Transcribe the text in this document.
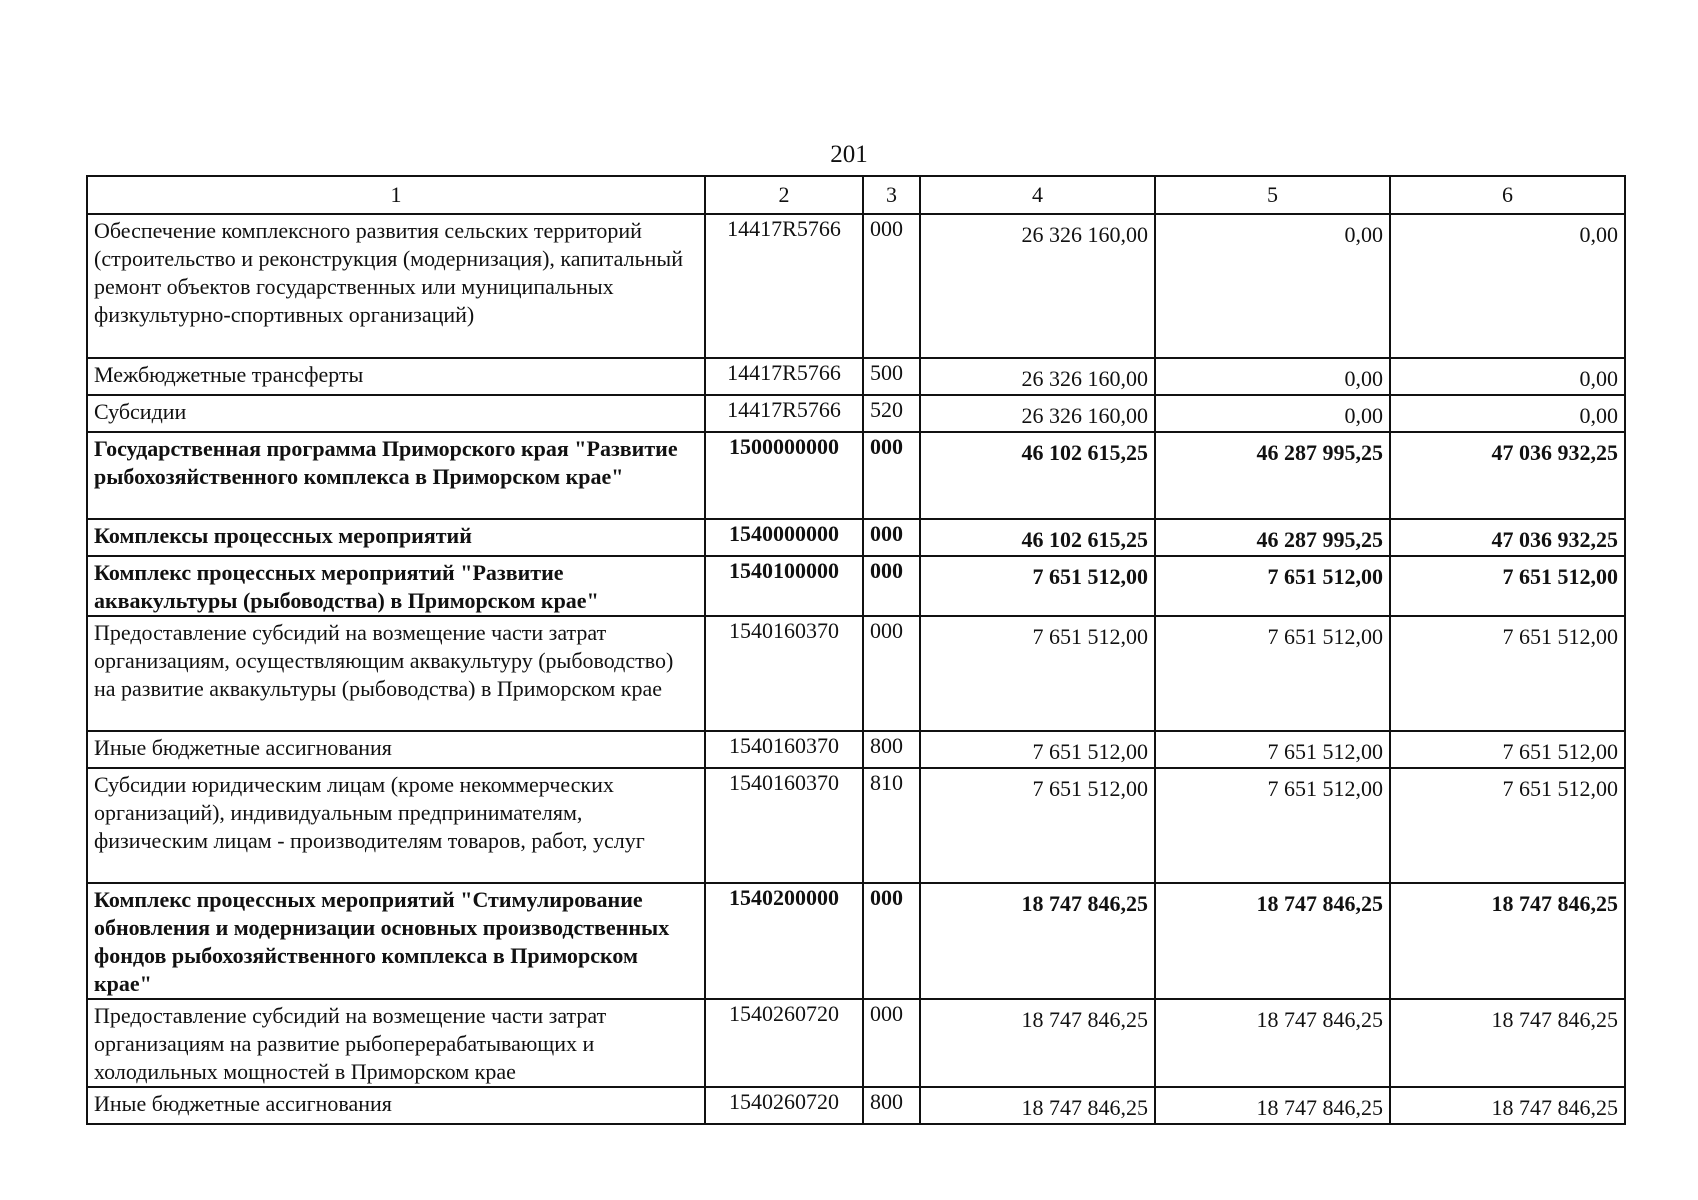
201
1	2	3	4	5	6

Обеспечение комплексного развития сельских территорий (строительство и реконструкция (модернизация), капитальный ремонт объектов государственных или муниципальных физкультурно-спортивных организаций)	14417R5766	000	26 326 160,00	0,00	0,00

Межбюджетные трансферты	14417R5766	500	26 326 160,00	0,00	0,00

Субсидии	14417R5766	520	26 326 160,00	0,00	0,00

Государственная программа Приморского края "Развитие рыбохозяйственного комплекса в Приморском крае"	1500000000	000	46 102 615,25	46 287 995,25	47 036 932,25

Комплексы процессных мероприятий	1540000000	000	46 102 615,25	46 287 995,25	47 036 932,25

Комплекс процессных мероприятий "Развитие аквакультуры (рыбоводства) в Приморском крае"	1540100000	000	7 651 512,00	7 651 512,00	7 651 512,00

Предоставление субсидий на возмещение части затрат организациям, осуществляющим аквакультуру (рыбоводство) на развитие аквакультуры (рыбоводства) в Приморском крае	1540160370	000	7 651 512,00	7 651 512,00	7 651 512,00

Иные бюджетные ассигнования	1540160370	800	7 651 512,00	7 651 512,00	7 651 512,00

Субсидии юридическим лицам (кроме некоммерческих организаций), индивидуальным предпринимателям, физическим лицам - производителям товаров, работ, услуг	1540160370	810	7 651 512,00	7 651 512,00	7 651 512,00

Комплекс процессных мероприятий "Стимулирование обновления и модернизации основных производственных фондов рыбохозяйственного комплекса в Приморском крае"	1540200000	000	18 747 846,25	18 747 846,25	18 747 846,25

Предоставление субсидий на возмещение части затрат организациям на развитие рыбоперерабатывающих и холодильных мощностей в Приморском крае	1540260720	000	18 747 846,25	18 747 846,25	18 747 846,25

Иные бюджетные ассигнования	1540260720	800	18 747 846,25	18 747 846,25	18 747 846,25
